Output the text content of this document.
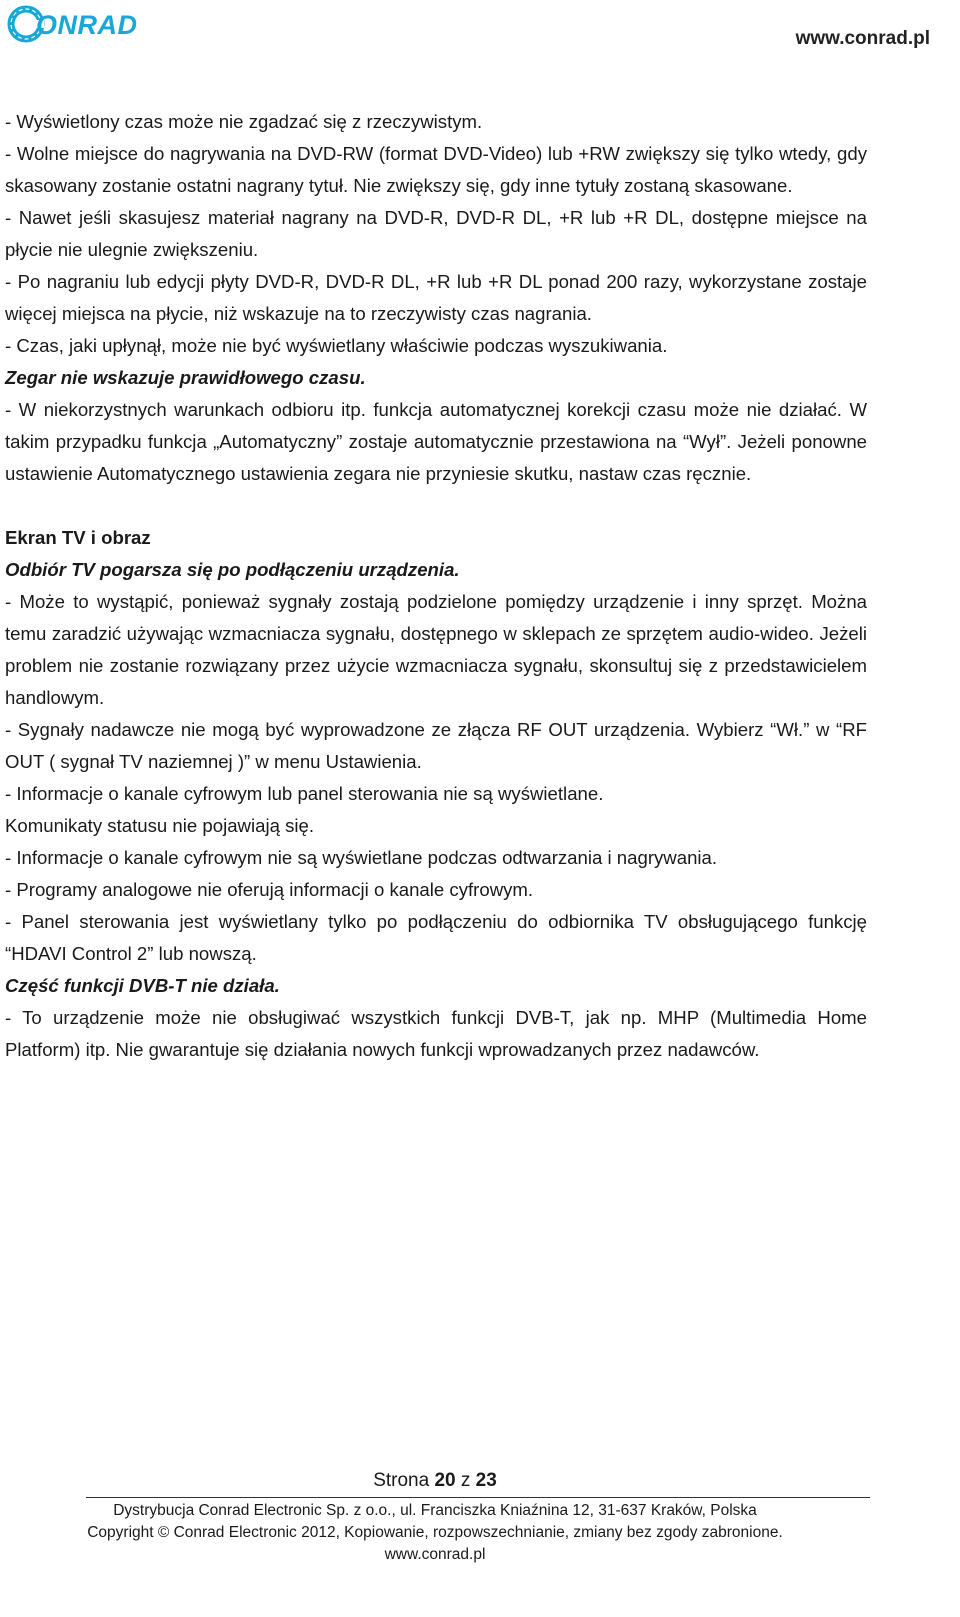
ONRAD	www.conrad.pl

- Wyświetlony czas może nie zgadzać się z rzeczywistym.

- Wolne miejsce do nagrywania na DVD-RW (format DVD-Video) lub +RW zwiększy się tylko wtedy, gdy skasowany zostanie ostatni nagrany tytuł. Nie zwiększy się, gdy inne tytuły zostaną skasowane.

- Nawet jeśli skasujesz materiał nagrany na DVD-R, DVD-R DL, +R lub +R DL, dostępne miejsce na płycie nie ulegnie zwiększeniu.

- Po nagraniu lub edycji płyty DVD-R, DVD-R DL, +R lub +R DL ponad 200 razy, wykorzystane zostaje więcej miejsca na płycie, niż wskazuje na to rzeczywisty czas nagrania.

- Czas, jaki upłynął, może nie być wyświetlany właściwie podczas wyszukiwania.

Zegar nie wskazuje prawidłowego czasu.

- W niekorzystnych warunkach odbioru itp. funkcja automatycznej korekcji czasu może nie działać. W takim przypadku funkcja „Automatyczny” zostaje automatycznie przestawiona na “Wył”. Jeżeli ponowne ustawienie Automatycznego ustawienia zegara nie przyniesie skutku, nastaw czas ręcznie.

Ekran TV i obraz

Odbiór TV pogarsza się po podłączeniu urządzenia.

- Może to wystąpić, ponieważ sygnały zostają podzielone pomiędzy urządzenie i inny sprzęt. Można temu zaradzić używając wzmacniacza sygnału, dostępnego w sklepach ze sprzętem audio-wideo. Jeżeli problem nie zostanie rozwiązany przez użycie wzmacniacza sygnału, skonsultuj się z przedstawicielem handlowym.

- Sygnały nadawcze nie mogą być wyprowadzone ze złącza RF OUT urządzenia. Wybierz “Wł.” w “RF OUT ( sygnał TV naziemnej )” w menu Ustawienia.

- Informacje o kanale cyfrowym lub panel sterowania nie są wyświetlane.

Komunikaty statusu nie pojawiają się.

- Informacje o kanale cyfrowym nie są wyświetlane podczas odtwarzania i nagrywania.

- Programy analogowe nie oferują informacji o kanale cyfrowym.

- Panel sterowania jest wyświetlany tylko po podłączeniu do odbiornika TV obsługującego funkcję “HDAVI Control 2” lub nowszą.

Część funkcji DVB-T nie działa.

- To urządzenie może nie obsługiwać wszystkich funkcji DVB-T, jak np. MHP (Multimedia Home Platform) itp. Nie gwarantuje się działania nowych funkcji wprowadzanych przez nadawców.

Strona 20 z 23
Dystrybucja Conrad Electronic Sp. z o.o., ul. Franciszka Kniaźnina 12, 31-637 Kraków, Polska
Copyright © Conrad Electronic 2012, Kopiowanie, rozpowszechnianie, zmiany bez zgody zabronione.
www.conrad.pl
